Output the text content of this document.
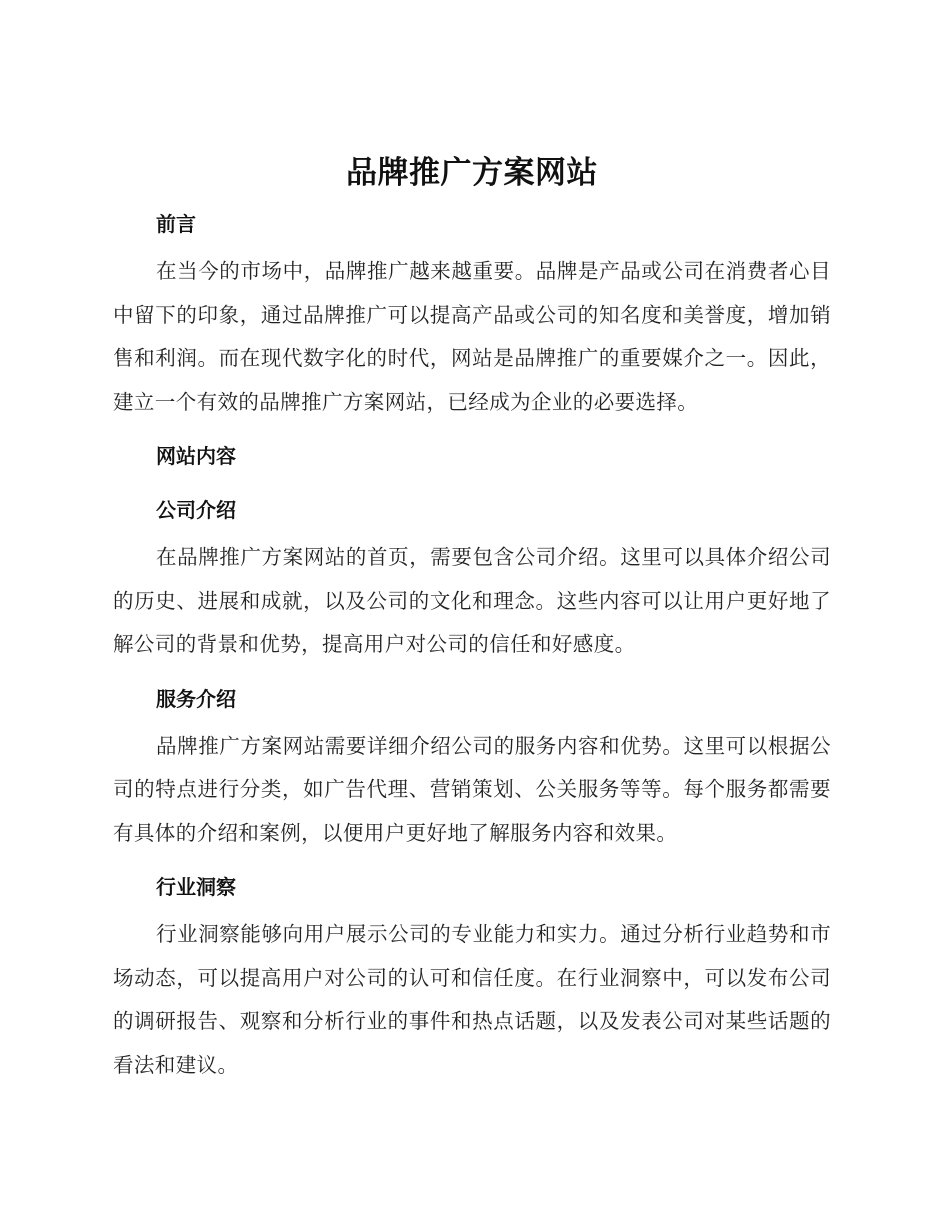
品牌推广方案网站
前言

在当今的市场中，品牌推广越来越重要。品牌是产品或公司在消费者心目中留下的印象，通过品牌推广可以提高产品或公司的知名度和美誉度，增加销售和利润。而在现代数字化的时代，网站是品牌推广的重要媒介之一。因此，建立一个有效的品牌推广方案网站，已经成为企业的必要选择。

网站内容
公司介绍

在品牌推广方案网站的首页，需要包含公司介绍。这里可以具体介绍公司的历史、进展和成就，以及公司的文化和理念。这些内容可以让用户更好地了解公司的背景和优势，提高用户对公司的信任和好感度。

服务介绍

品牌推广方案网站需要详细介绍公司的服务内容和优势。这里可以根据公司的特点进行分类，如广告代理、营销策划、公关服务等等。每个服务都需要有具体的介绍和案例，以便用户更好地了解服务内容和效果。

行业洞察

行业洞察能够向用户展示公司的专业能力和实力。通过分析行业趋势和市场动态，可以提高用户对公司的认可和信任度。在行业洞察中，可以发布公司的调研报告、观察和分析行业的事件和热点话题，以及发表公司对某些话题的看法和建议。
